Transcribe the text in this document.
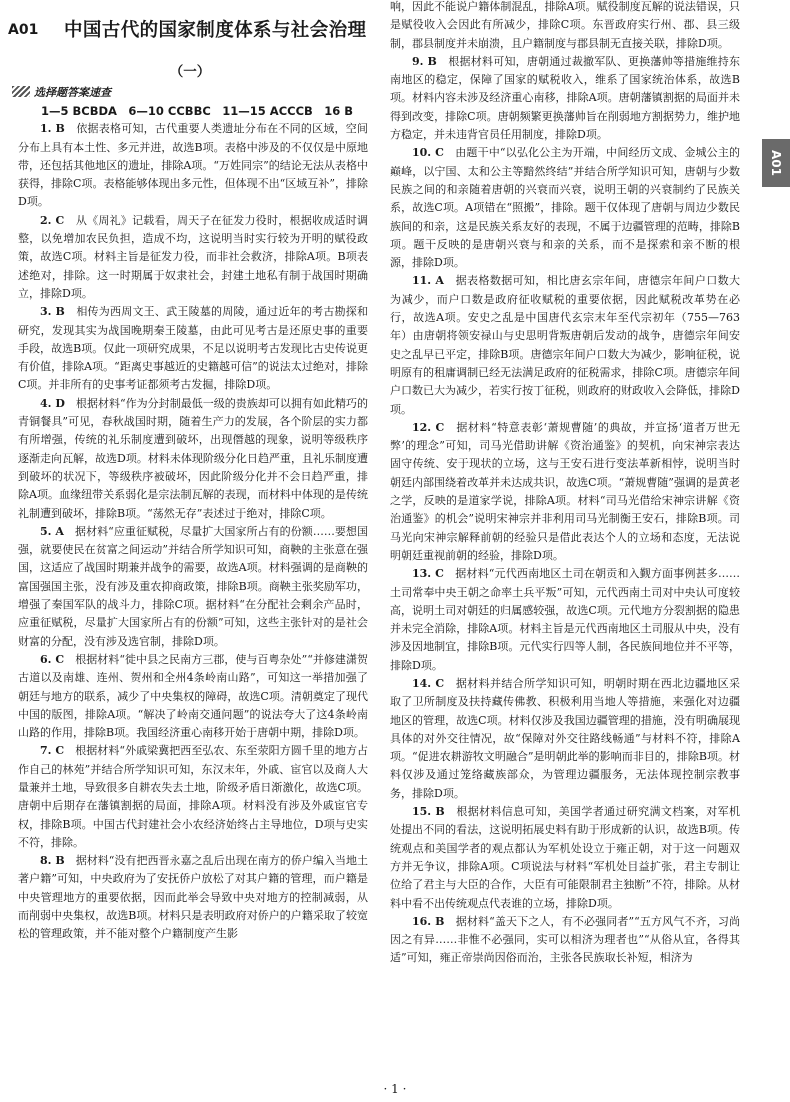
A01 中国古代的国家制度体系与社会治理
（一）
选择题答案速查

1—5 BCBDA　6—10 CCBBC　11—15 ACCCB　16 B

1. B　 依据表格可知，古代重要人类遗址分布在不同的区域，空间分布上具有本土性、多元并进，故选B项。表格中涉及的不仅仅是中原地带，还包括其他地区的遗址，排除A项。“万姓同宗”的结论无法从表格中获得，排除C项。表格能够体现出多元性，但体现不出“区域互补”，排除D项。

2. C　 从《周礼》记载看，周天子在征发力役时，根据收成适时调整，以免增加农民负担，造成不均，这说明当时实行较为开明的赋役政策，故选C项。材料主旨是征发力役，而非社会救济，排除A项。B项表述绝对，排除。这一时期属于奴隶社会，封建土地私有制于战国时期确立，排除D项。

3. B　 相传为西周文王、武王陵墓的周陵，通过近年的考古勘探和研究，发现其实为战国晚期秦王陵墓，由此可见考古是还原史事的重要手段，故选B项。仅此一项研究成果，不足以说明考古发现比古史传说更有价值，排除A项。“距离史事越近的史籍越可信”的说法太过绝对，排除C项。并非所有的史事考证都须考古发掘，排除D项。

4. D　 根据材料“作为分封制最低一级的贵族却可以拥有如此精巧的青铜餐具”可见，春秋战国时期，随着生产力的发展，各个阶层的实力都有所增强，传统的礼乐制度遭到破坏，出现僭越的现象，说明等级秩序逐渐走向瓦解，故选D项。材料未体现阶级分化日趋严重，且礼乐制度遭到破坏的状况下，等级秩序被破坏，因此阶级分化并不会日趋严重，排除A项。血缘纽带关系弱化是宗法制瓦解的表现，而材料中体现的是传统礼制遭到破坏，排除B项。“荡然无存”表述过于绝对，排除C项。

5. A　 据材料“应重征赋税，尽量扩大国家所占有的份额……要想国强，就要使民在贫富之间运动”并结合所学知识可知，商鞅的主张意在强国，这适应了战国时期兼并战争的需要，故选A项。材料强调的是商鞅的富国强国主张，没有涉及重农抑商政策，排除B项。商鞅主张奖励军功，增强了秦国军队的战斗力，排除C项。据材料“在分配社会剩余产品时，应重征赋税，尽量扩大国家所占有的份额”可知，这些主张针对的是社会财富的分配，没有涉及选官制，排除D项。

6. C　 根据材料“徙中县之民南方三郡，使与百粤杂处”“并修建潇贺古道以及南雄、连州、贺州和全州4条岭南山路”，可知这一举措加强了朝廷与地方的联系，减少了中央集权的障碍，故选C项。清朝奠定了现代中国的版图，排除A项。“解决了岭南交通问题”的说法夸大了这4条岭南山路的作用，排除B项。我国经济重心南移开始于唐朝中期，排除D项。

7. C　 根据材料“外戚梁冀把西至弘农、东至荥阳方圆千里的地方占作自己的林苑”并结合所学知识可知，东汉末年，外戚、宦官以及商人大量兼并土地，导致很多自耕农失去土地，阶级矛盾日渐激化，故选C项。唐朝中后期存在藩镇割据的局面，排除A项。材料没有涉及外戚宦官专权，排除B项。中国古代封建社会小农经济始终占主导地位，D项与史实不符，排除。

8. B　 据材料“没有把西晋永嘉之乱后出现在南方的侨户编入当地土著户籍”可知，中央政府为了安抚侨户放松了对其户籍的管理，而户籍是中央管理地方的重要依据，因而此举会导致中央对地方的控制减弱，从而削弱中央集权，故选B项。材料只是表明政府对侨户的户籍采取了较宽松的管理政策，并不能对整个户籍制度产生影

响，因此不能说户籍体制混乱，排除A项。赋役制度瓦解的说法错误，只是赋役收入会因此有所减少，排除C项。东晋政府实行州、郡、县三级制，郡县制度并未崩溃，且户籍制度与郡县制无直接关联，排除D项。

9. B　 根据材料可知，唐朝通过裁撤军队、更换藩帅等措施维持东南地区的稳定，保障了国家的赋税收入，维系了国家统治体系，故选B项。材料内容未涉及经济重心南移，排除A项。唐朝藩镇割据的局面并未得到改变，排除C项。唐朝频繁更换藩帅旨在削弱地方割据势力，维护地方稳定，并未违背官员任用制度，排除D项。

10. C　 由题干中“以弘化公主为开端，中间经历文成、金城公主的巅峰，以宁国、太和公主等黯然终结”并结合所学知识可知，唐朝与少数民族之间的和亲随着唐朝的兴衰而兴衰，说明王朝的兴衰制约了民族关系，故选C项。A项错在“照搬”，排除。题干仅体现了唐朝与周边少数民族间的和亲，这是民族关系友好的表现，不属于边疆管理的范畴，排除B项。题干反映的是唐朝兴衰与和亲的关系，而不是探索和亲不断的根源，排除D项。

11. A　 据表格数据可知，相比唐玄宗年间，唐德宗年间户口数大为减少，而户口数是政府征收赋税的重要依据，因此赋税改革势在必行，故选A项。安史之乱是中国唐代玄宗末年至代宗初年（755—763年）由唐朝将领安禄山与史思明背叛唐朝后发动的战争，唐德宗年间安史之乱早已平定，排除B项。唐德宗年间户口数大为减少，影响征税，说明原有的租庸调制已经无法满足政府的征税需求，排除C项。唐德宗年间户口数已大为减少，若实行按丁征税，则政府的财政收入会降低，排除D项。

12. C　 据材料“特意表彰‘萧规曹随’的典故，并宣扬‘道者万世无弊’的理念”可知，司马光借助讲解《资治通鉴》的契机，向宋神宗表达固守传统、安于现状的立场，这与王安石进行变法革新相悖，说明当时朝廷内部围绕着改革并未达成共识，故选C项。“萧规曹随”强调的是黄老之学，反映的是道家学说，排除A项。材料“司马光借给宋神宗讲解《资治通鉴》的机会”说明宋神宗并非利用司马光制衡王安石，排除B项。司马光向宋神宗解释前朝的经验只是借此表达个人的立场和态度，无法说明朝廷重视前朝的经验，排除D项。

13. C　 据材料“元代西南地区土司在朝贡和入觐方面事例甚多……土司常奉中央王朝之命率土兵平叛”可知，元代西南土司对中央认可度较高，说明土司对朝廷的归属感较强，故选C项。元代地方分裂割据的隐患并未完全消除，排除A项。材料主旨是元代西南地区土司服从中央，没有涉及因地制宜，排除B项。元代实行四等人制，各民族间地位并不平等，排除D项。

14. C　 据材料并结合所学知识可知，明朝时期在西北边疆地区采取了卫所制度及扶持藏传佛教、积极利用当地人等措施，来强化对边疆地区的管理，故选C项。材料仅涉及我国边疆管理的措施，没有明确展现具体的对外交往情况，故“保障对外交往路线畅通”与材料不符，排除A项。“促进农耕游牧文明融合”是明朝此举的影响而非目的，排除B项。材料仅涉及通过笼络藏族部众，为管理边疆服务，无法体现控制宗教事务，排除D项。

15. B　 根据材料信息可知，美国学者通过研究满文档案，对军机处提出不同的看法，这说明拓展史料有助于形成新的认识，故选B项。传统观点和美国学者的观点都认为军机处设立于雍正朝，对于这一问题双方并无争议，排除A项。C项说法与材料“军机处目益扩张，君主专制让位给了君主与大臣的合作，大臣有可能限制君主独断”不符，排除。从材料中看不出传统观点代表谁的立场，排除D项。

16. B　 据材料“盖天下之人，有不必强同者”“五方风气不齐，习尚因之有异……非惟不必强同，实可以相济为理者也”“从俗从宜，各得其适”可知，雍正帝崇尚因俗而治，主张各民族取长补短，相济为

A01
· 1 ·
